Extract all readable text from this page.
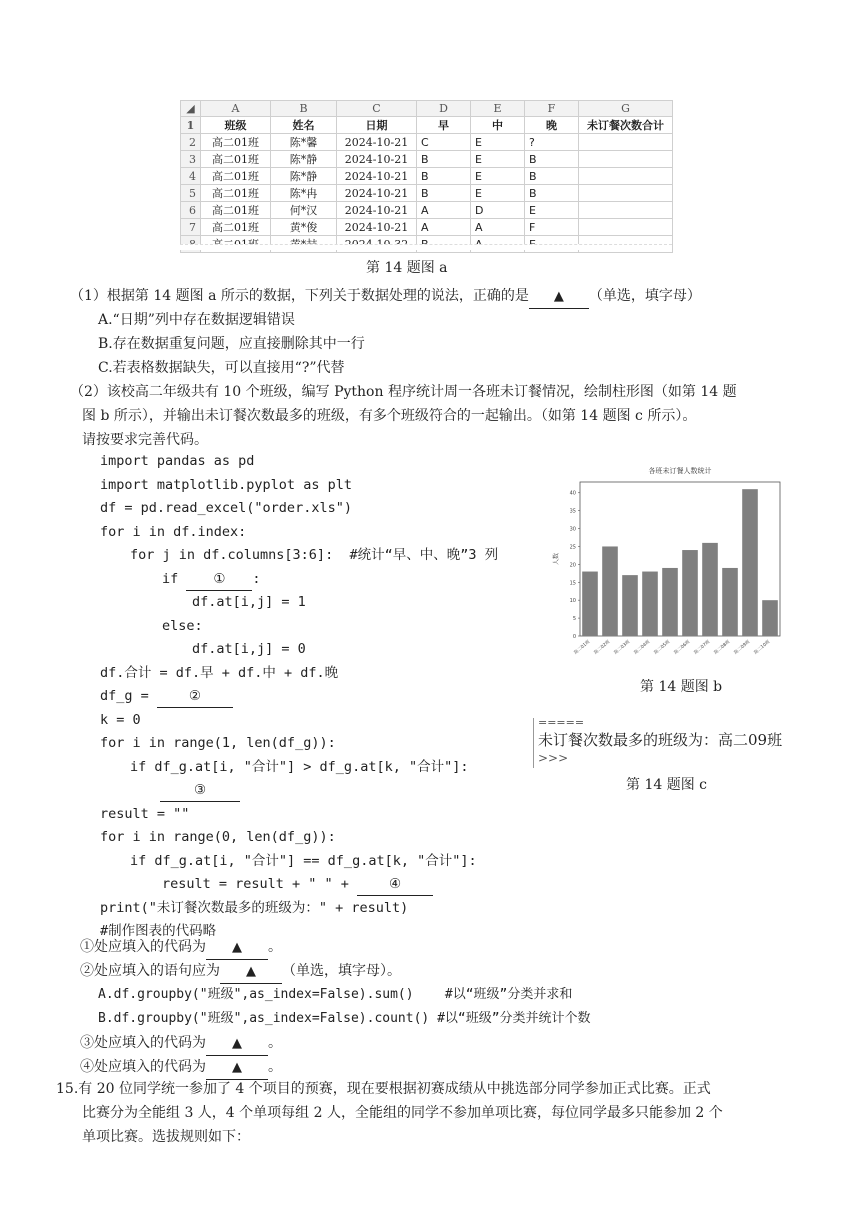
◢	A	B	C	D	E	F	G
1	班级	姓名	日期	早	中	晚	未订餐次数合计
2	高二01班	陈*馨	2024-10-21	C	E	?	
3	高二01班	陈*静	2024-10-21	B	E	B	
4	高二01班	陈*静	2024-10-21	B	E	B	
5	高二01班	陈*冉	2024-10-21	B	E	B	
6	高二01班	何*汉	2024-10-21	A	D	E	
7	高二01班	黄*俊	2024-10-21	A	A	F	

第 14 题图 a
（1）根据第 14 题图 a 所示的数据，下列关于数据处理的说法，正确的是 ▲ （单选，填字母）
A.“日期”列中存在数据逻辑错误
B.存在数据重复问题，应直接删除其中一行
C.若表格数据缺失，可以直接用“?”代替
（2）该校高二年级共有 10 个班级，编写 Python 程序统计周一各班未订餐情况，绘制柱形图（如第 14 题
图 b 所示），并输出未订餐次数最多的班级，有多个班级符合的一起输出。（如第 14 题图 c 所示）。
请按要求完善代码。
import pandas as pd
import matplotlib.pyplot as plt
df = pd.read_excel("order.xls")
for i in df.index:
for j in df.columns[3:6]:  #统计“早、中、晚”3 列
if ① :
df.at[i,j] = 1
else:
df.at[i,j] = 0
df.合计 = df.早 + df.中 + df.晚
df_g = ②
k = 0
for i in range(1, len(df_g)):
if df_g.at[i, "合计"] > df_g.at[k, "合计"]:
③
result = ""
for i in range(0, len(df_g)):
if df_g.at[i, "合计"] == df_g.at[k, "合计"]:
result = result + " " + ④
print("未订餐次数最多的班级为：" + result)
#制作图表的代码略
各班未订餐人数统计
人数
0
5
10
15
20
25
30
35
40
高二01班 高二02班 高二03班 高二04班 高二05班 高二06班 高二07班 高二08班 高二09班 高二10班
第 14 题图 b
=====
未订餐次数最多的班级为：高二09班
>>>
第 14 题图 c
①处应填入的代码为 ▲ 。
②处应填入的语句应为 ▲ （单选，填字母）。
A.df.groupby("班级",as_index=False).sum()    #以“班级”分类并求和
B.df.groupby("班级",as_index=False).count() #以“班级”分类并统计个数
③处应填入的代码为 ▲ 。
④处应填入的代码为 ▲ 。
15.有 20 位同学统一参加了 4 个项目的预赛，现在要根据初赛成绩从中挑选部分同学参加正式比赛。正式
比赛分为全能组 3 人，4 个单项每组 2 人，全能组的同学不参加单项比赛，每位同学最多只能参加 2 个
单项比赛。选拔规则如下：
